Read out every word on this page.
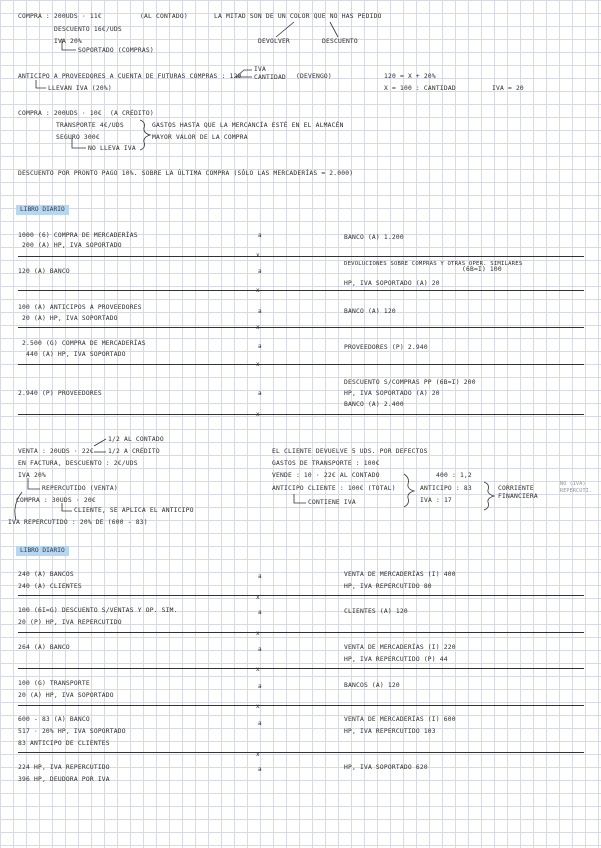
COMPRA : 200UDS · 11€	(AL CONTADO)	LA MITAD SON DE UN COLOR QUE NO HAS PEDIDO
DESCUENTO 16€/UDS
IVA 20%
SOPORTADO (COMPRAS)
DEVOLVER	DESCUENTO
ANTICIPO A PROVEEDORES A CUENTA DE FUTURAS COMPRAS : 120
IVA
CANTIDAD (DEVENGO)
LLEVAN IVA (20%)
120 = X + 20%
X = 100 : CANTIDAD	IVA = 20
COMPRA : 200UDS · 10€ (A CRÉDITO)
TRANSPORTE 4€/UDS
SEGURO 300€
NO LLEVA IVA
GASTOS HASTA QUE LA MERCANCÍA ESTÉ EN EL ALMACÉN
MAYOR VALOR DE LA COMPRA
DESCUENTO POR PRONTO PAGO 10%. SOBRE LA ÚLTIMA COMPRA (SÓLO LAS MERCADERÍAS = 2.000)
LIBRO DIARIO
1000 (6) COMPRA DE MERCADERÍAS
200 (A) HP, IVA SOPORTADO
a	BANCO (A) 1.200
x
120 (A) BANCO	a
DEVOLUCIONES SOBRE COMPRAS Y OTRAS OPER. SIMILARES
(6B=I) 100
HP, IVA SOPORTADO (A) 20
x
100 (A) ANTICIPOS A PROVEEDORES
20 (A) HP, IVA SOPORTADO
a	BANCO (A) 120
x
2.500 (G) COMPRA DE MERCADERÍAS
440 (A) HP, IVA SOPORTADO
a	PROVEEDORES (P) 2.940
x
2.940 (P) PROVEEDORES	a
DESCUENTO S/COMPRAS PP (6B=I) 200
HP, IVA SOPORTADO (A) 20
BANCO (A) 2.400
x
1/2 AL CONTADO
VENTA : 20UDS · 22€ 1/2 A CRÉDITO
EN FACTURA, DESCUENTO : 2€/UDS
IVA 20%
REPERCUTIDO (VENTA)
COMPRA : 30UDS · 20€
CLIENTE, SE APLICA EL ANTICIPO
IVA REPERCUTIDO : 20% DE (600 - 83)
EL CLIENTE DEVUELVE 5 UDS. POR DEFECTOS
GASTOS DE TRANSPORTE : 100€
VENDE : 10 · 22€ AL CONTADO
ANTICIPO CLIENTE : 100€ (TOTAL)
CONTIENE IVA
400 : 1,2
ANTICIPO : 83
IVA : 17
CORRIENTE FINANCIERA
NO (IVA) REPERCUTI.
LIBRO DIARIO
240 (A) BANCOS
240 (A) CLIENTES
a	VENTA DE MERCADERÍAS (I) 400
HP, IVA REPERCUTIDO 80
x
100 (6I=G) DESCUENTO S/VENTAS Y OP. SIM.
20 (P) HP, IVA REPERCUTIDO
a	CLIENTES (A) 120
x
264 (A) BANCO	a	VENTA DE MERCADERÍAS (I) 220
HP, IVA REPERCUTIDO (P) 44
x
100 (G) TRANSPORTE
20 (A) HP, IVA SOPORTADO
a	BANCOS (A) 120
x
600 - 83 (A) BANCO
517 · 20% HP, IVA SOPORTADO
83 ANTICIPO DE CLIENTES
a
VENTA DE MERCADERÍAS (I) 600
HP, IVA REPERCUTIDO 103
x
224 HP, IVA REPERCUTIDO
396 HP, DEUDORA POR IVA
a	HP, IVA SOPORTADO 620
